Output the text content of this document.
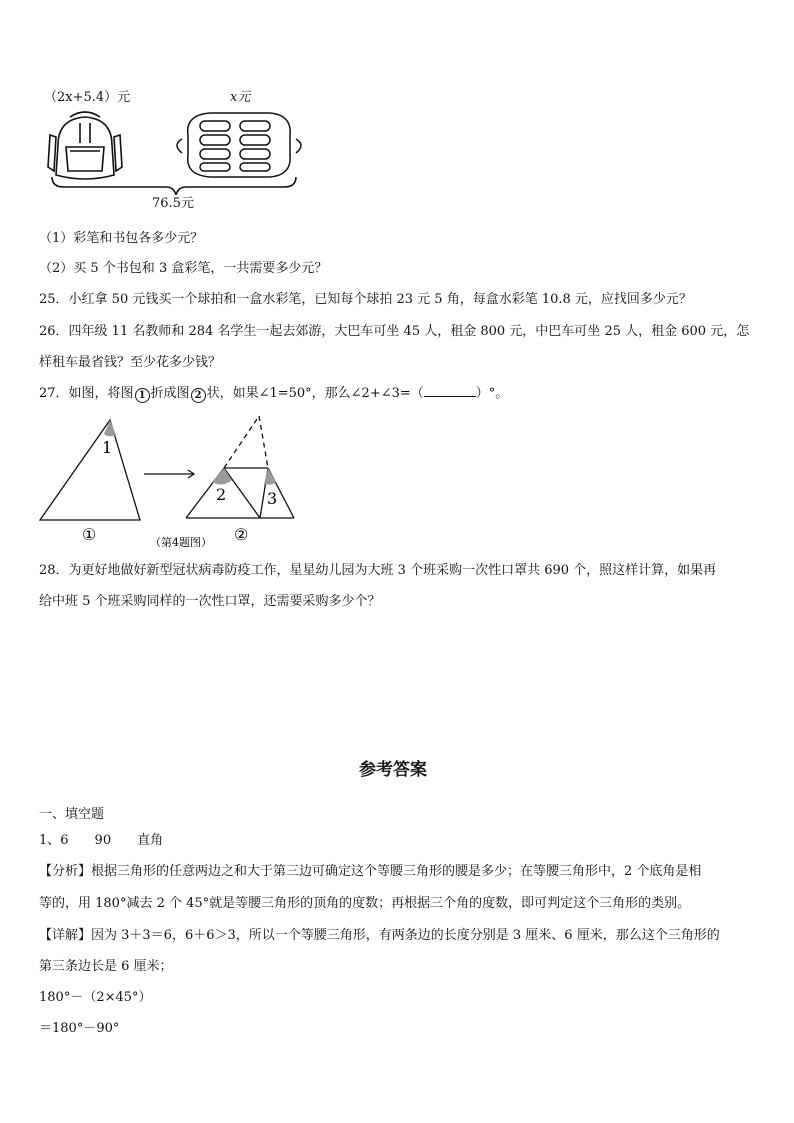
（2x+5.4）元	x元
76.5元
（1）彩笔和书包各多少元？
（2）买 5 个书包和 3 盒彩笔，一共需要多少元？
25．小红拿 50 元钱买一个球拍和一盒水彩笔，已知每个球拍 23 元 5 角，每盒水彩笔 10.8 元，应找回多少元？
26．四年级 11 名教师和 284 名学生一起去郊游，大巴车可坐 45 人，租金 800 元，中巴车可坐 25 人，租金 600 元，怎
样租车最省钱？至少花多少钱？
27．如图，将图 1 折成图 2 状，如果∠1=50°，那么∠2+∠3=（	）°。
1
①
2	3
（第4题图） ②
28．为更好地做好新型冠状病毒防疫工作，星星幼儿园为大班 3 个班采购一次性口罩共 690 个，照这样计算，如果再
给中班 5 个班采购同样的一次性口罩，还需要采购多少个？
参考答案
一、填空题
1、6　　90　　直角
【分析】根据三角形的任意两边之和大于第三边可确定这个等腰三角形的腰是多少；在等腰三角形中，2 个底角是相
等的，用 180°减去 2 个 45°就是等腰三角形的顶角的度数；再根据三个角的度数，即可判定这个三角形的类别。
【详解】因为 3＋3＝6，6＋6＞3，所以一个等腰三角形，有两条边的长度分别是 3 厘米、6 厘米，那么这个三角形的
第三条边长是 6 厘米；
180°－（2×45°）
＝180°－90°
